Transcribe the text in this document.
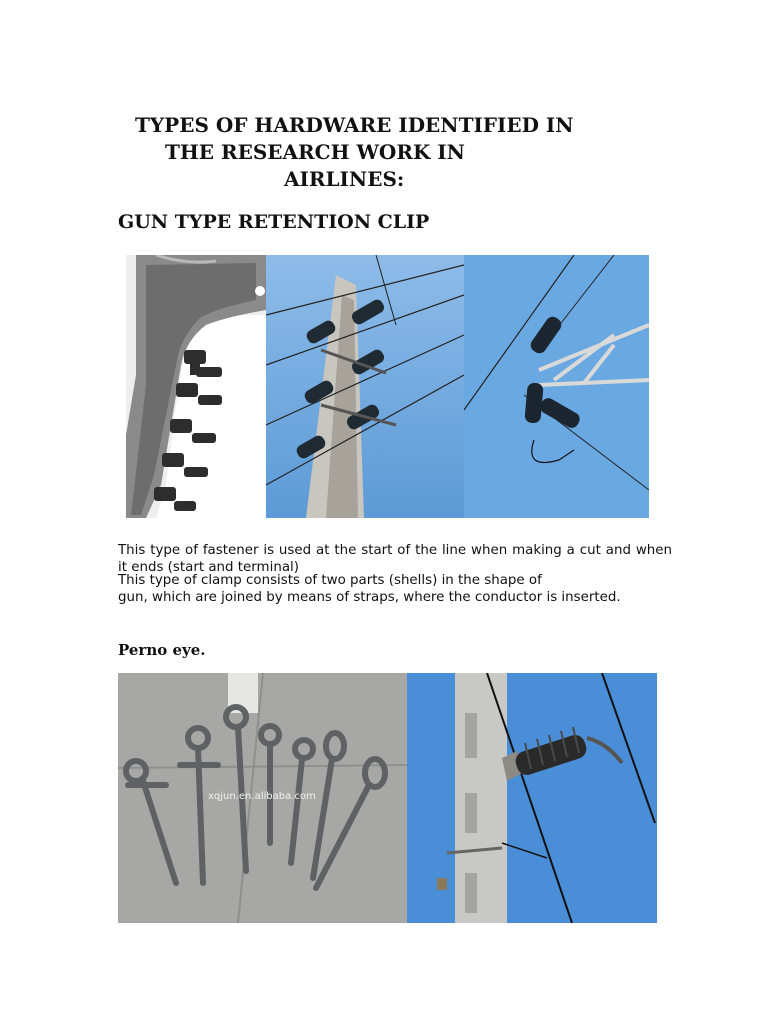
TYPES OF HARDWARE IDENTIFIED IN
THE RESEARCH WORK IN
AIRLINES:
GUN TYPE RETENTION CLIP

This type of fastener is used at the start of the line when making a cut and when it ends (start and terminal)

This type of clamp consists of two parts (shells) in the shape of
gun, which are joined by means of straps, where the conductor is inserted.
Perno eye.
xqjun.en.alibaba.com
